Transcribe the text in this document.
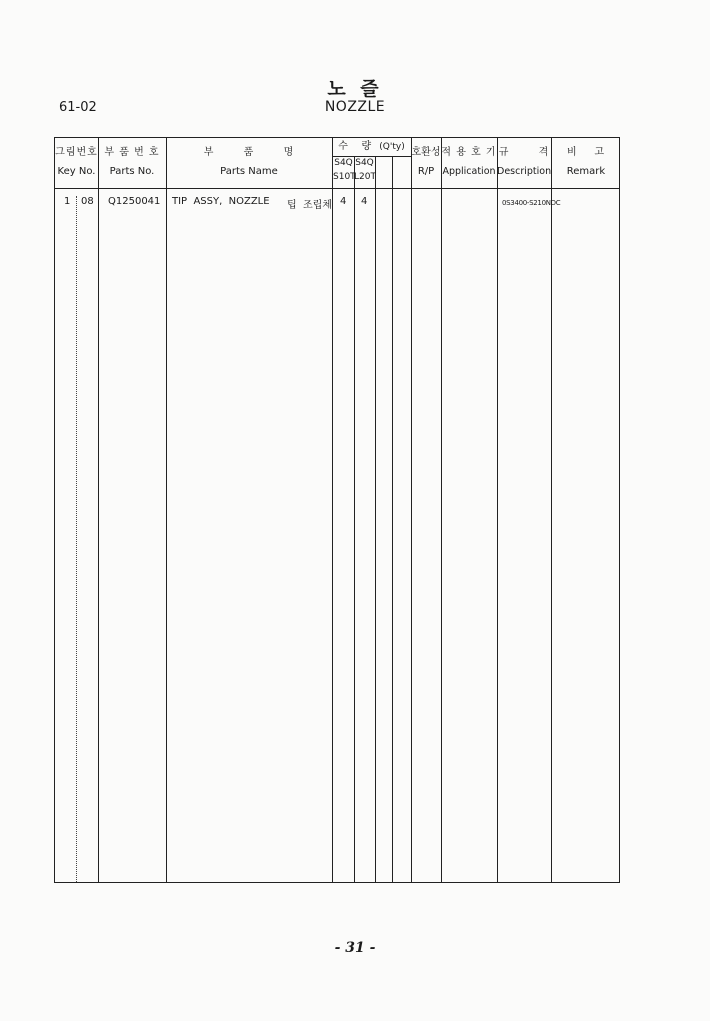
노 즐
NOZZLE
61-02
그림번호
Key No.
부 품 번 호
Parts No.
부       품       명
Parts Name
수   량 (Q'ty)
S4Q
S10T
S4Q
L20T
호환성
R/P
적 용 호 기
Application
규       격
Description
비    고
Remark
1 08 Q1250041 TIP  ASSY,  NOZZLE 팁  조립체 4 4	0S3400-S210NDC
- 31 -
